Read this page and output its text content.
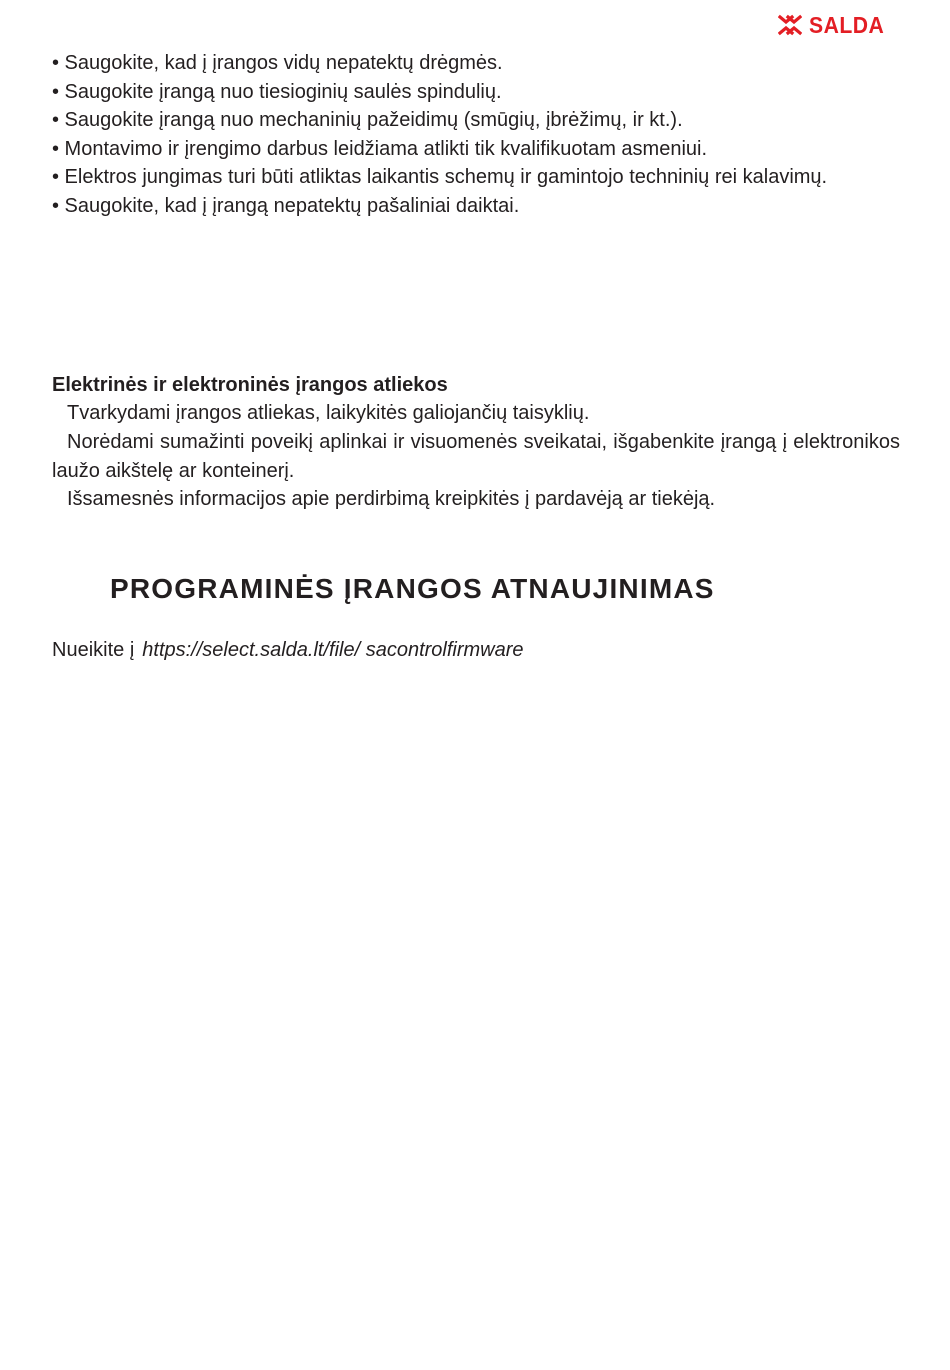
SALDA
• Saugokite, kad į įrangos vidų nepatektų drėgmės.
• Saugokite įrangą nuo tiesioginių saulės spindulių.
• Saugokite įrangą nuo mechaninių pažeidimų (smūgių, įbrėžimų, ir kt.).
• Montavimo ir įrengimo darbus leidžiama atlikti tik kvalifikuotam asmeniui.
• Elektros jungimas turi būti atliktas laikantis schemų ir gamintojo techninių rei kalavimų.
• Saugokite, kad į įrangą nepatektų pašaliniai daiktai.
Elektrinės ir elektroninės įrangos atliekos

Tvarkydami įrangos atliekas, laikykitės galiojančių taisyklių.

Norėdami sumažinti poveikį aplinkai ir visuomenės sveikatai, išgabenkite įrangą į elektronikos laužo aikštelę ar konteinerį.

Išsamesnės informacijos apie perdirbimą kreipkitės į pardavėją ar tiekėją.

PROGRAMINĖS ĮRANGOS ATNAUJINIMAS

Nueikite į https://select.salda.lt/file/ sacontrolfirmware
